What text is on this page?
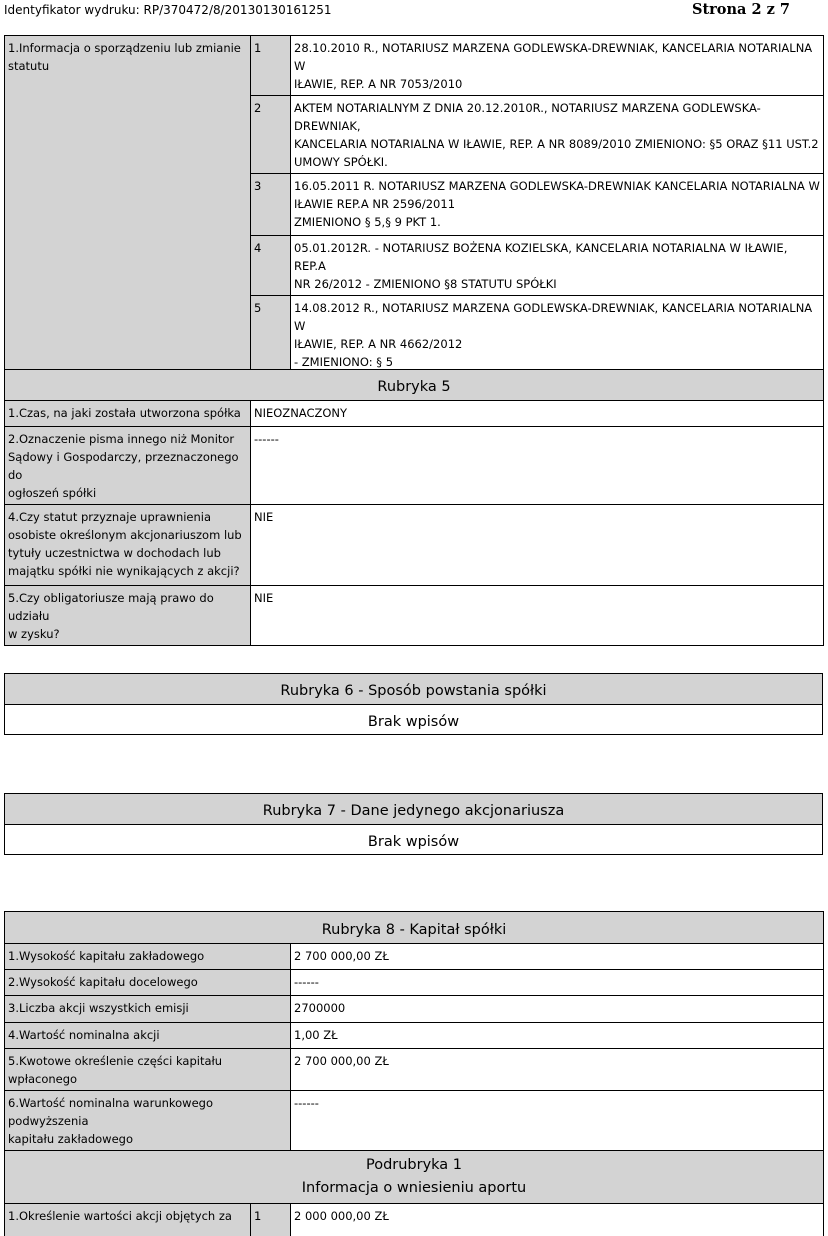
Identyfikator wydruku: RP/370472/8/20130130161251	Strona 2 z 7
1.Informacja o sporządzeniu lub zmianie statutu	1	28.10.2010 R., NOTARIUSZ MARZENA GODLEWSKA-DREWNIAK, KANCELARIA NOTARIALNA W
IŁAWIE, REP. A NR 7053/2010

	2	AKTEM NOTARIALNYM Z DNIA 20.12.2010R., NOTARIUSZ MARZENA GODLEWSKA-DREWNIAK,
KANCELARIA NOTARIALNA W IŁAWIE, REP. A NR 8089/2010 ZMIENIONO: §5 ORAZ §11 UST.2
UMOWY SPÓŁKI.

	3	16.05.2011 R. NOTARIUSZ MARZENA GODLEWSKA-DREWNIAK KANCELARIA NOTARIALNA W
IŁAWIE REP.A NR 2596/2011
ZMIENIONO § 5,§ 9 PKT 1.

	4	05.01.2012R. - NOTARIUSZ BOŻENA KOZIELSKA, KANCELARIA NOTARIALNA W IŁAWIE, REP.A
NR 26/2012 - ZMIENIONO §8 STATUTU SPÓŁKI

	5	14.08.2012 R., NOTARIUSZ MARZENA GODLEWSKA-DREWNIAK, KANCELARIA NOTARIALNA W
IŁAWIE, REP. A NR 4662/2012
- ZMIENIONO: § 5
Rubryka 5	

1.Czas, na jaki została utworzona spółka	NIEOZNACZONY

2.Oznaczenie pisma innego niż Monitor
Sądowy i Gospodarczy, przeznaczonego do
ogłoszeń spółki	------

4.Czy statut przyznaje uprawnienia
osobiste określonym akcjonariuszom lub
tytuły uczestnictwa w dochodach lub
majątku spółki nie wynikających z akcji?	NIE

5.Czy obligatoriusze mają prawo do udziału
w zysku?	NIE
Rubryka 6 - Sposób powstania spółki
Brak wpisów
Rubryka 7 - Dane jedynego akcjonariusza
Brak wpisów
Rubryka 8 - Kapitał spółki		

1.Wysokość kapitału zakładowego		2 700 000,00 ZŁ

2.Wysokość kapitału docelowego		------

3.Liczba akcji wszystkich emisji		2700000

4.Wartość nominalna akcji		1,00 ZŁ

5.Kwotowe określenie części kapitału wpłaconego		2 700 000,00 ZŁ

6.Wartość nominalna warunkowego podwyższenia
kapitału zakładowego		------

Podrubryka 1
Informacja o wniesieniu aportu		

1.Określenie wartości akcji objętych za	1	2 000 000,00 ZŁ
